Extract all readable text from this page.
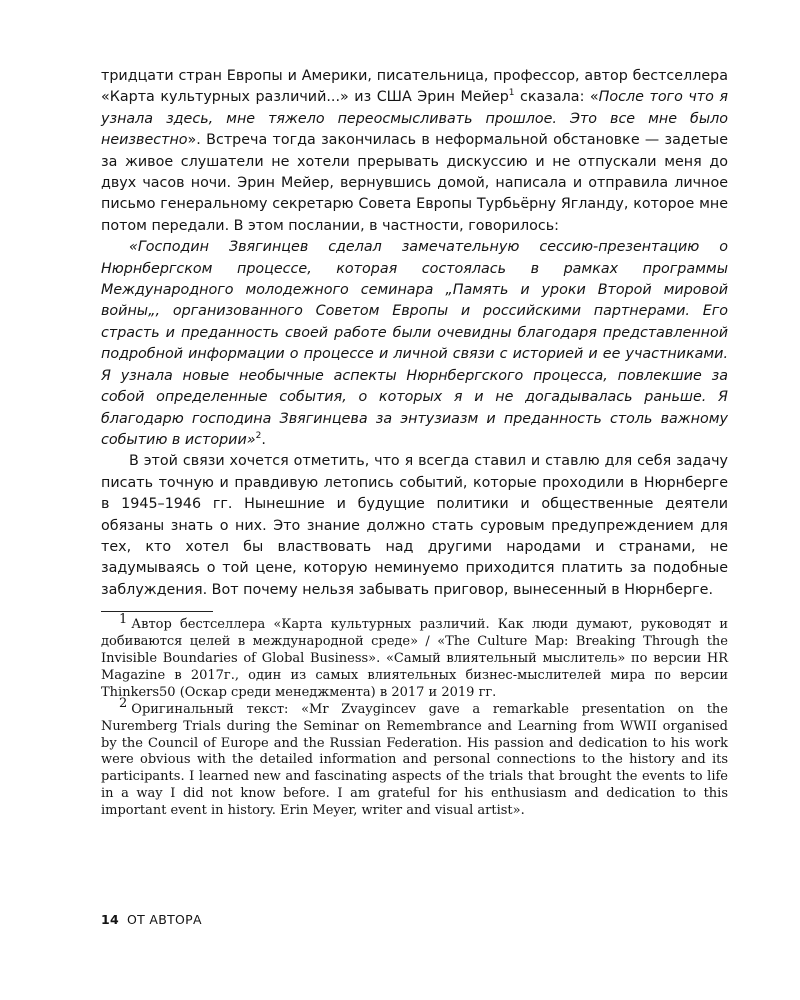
тридцати стран Европы и Америки, писательница, профессор, автор бестселлера «Карта культурных различий...» из США Эрин Мейер$^1$ сказала: «После того что я узнала здесь, мне тяжело переосмысливать прошлое. Это все мне было неизвестно». Встреча тогда закончилась в неформальной обстановке — задетые за живое слушатели не хотели прерывать дискуссию и не отпускали меня до двух часов ночи. Эрин Мейер, вернувшись домой, написала и отправила личное письмо генеральному секретарю Совета Европы Турбьёрну Ягланду, которое мне потом передали. В этом послании, в частности, говорилось:

«Господин Звягинцев сделал замечательную сессию-презентацию о Нюрнбергском процессе, которая состоялась в рамках программы Международного молодежного семинара „Память и уроки Второй мировой войны„, организованного Советом Европы и российскими партнерами. Его страсть и преданность своей работе были очевидны благодаря представленной подробной информации о процессе и личной связи с историей и ее участниками. Я узнала новые необычные аспекты Нюрнбергского процесса, повлекшие за собой определенные события, о которых я и не догадывалась раньше. Я благодарю господина Звягинцева за энтузиазм и преданность столь важному событию в истории»$^2$.

В этой связи хочется отметить, что я всегда ставил и ставлю для себя задачу писать точную и правдивую летопись событий, которые проходили в Нюрнберге в 1945–1946 гг. Нынешние и будущие политики и общественные деятели обязаны знать о них. Это знание должно стать суровым предупреждением для тех, кто хотел бы властвовать над другими народами и странами, не задумываясь о той цене, которую неминуемо приходится платить за подобные заблуждения. Вот почему нельзя забывать приговор, вынесенный в Нюрнберге.

$^1$ Автор бестселлера «Карта культурных различий. Как люди думают, руководят и добиваются целей в международной среде» / «The Culture Map: Breaking Through the Invisible Boundaries of Global Business». «Самый влиятельный мыслитель» по версии HR Magazine в 2017г., один из самых влиятельных бизнес-мыслителей мира по версии Thinkers50 (Оскар среди менеджмента) в 2017 и 2019 гг.

$^2$ Оригинальный текст: «Mr Zvaygincev gave a remarkable presentation on the Nuremberg Trials during the Seminar on Remembrance and Learning from WWII organised by the Council of Europe and the Russian Federation. His passion and dedication to his work were obvious with the detailed information and personal connections to the history and its participants. I learned new and fascinating aspects of the trials that brought the events to life in a way I did not know before. I am grateful for his enthusiasm and dedication to this important event in history. Erin Meyer, writer and visual artist».

14 ОТ АВТОРА
